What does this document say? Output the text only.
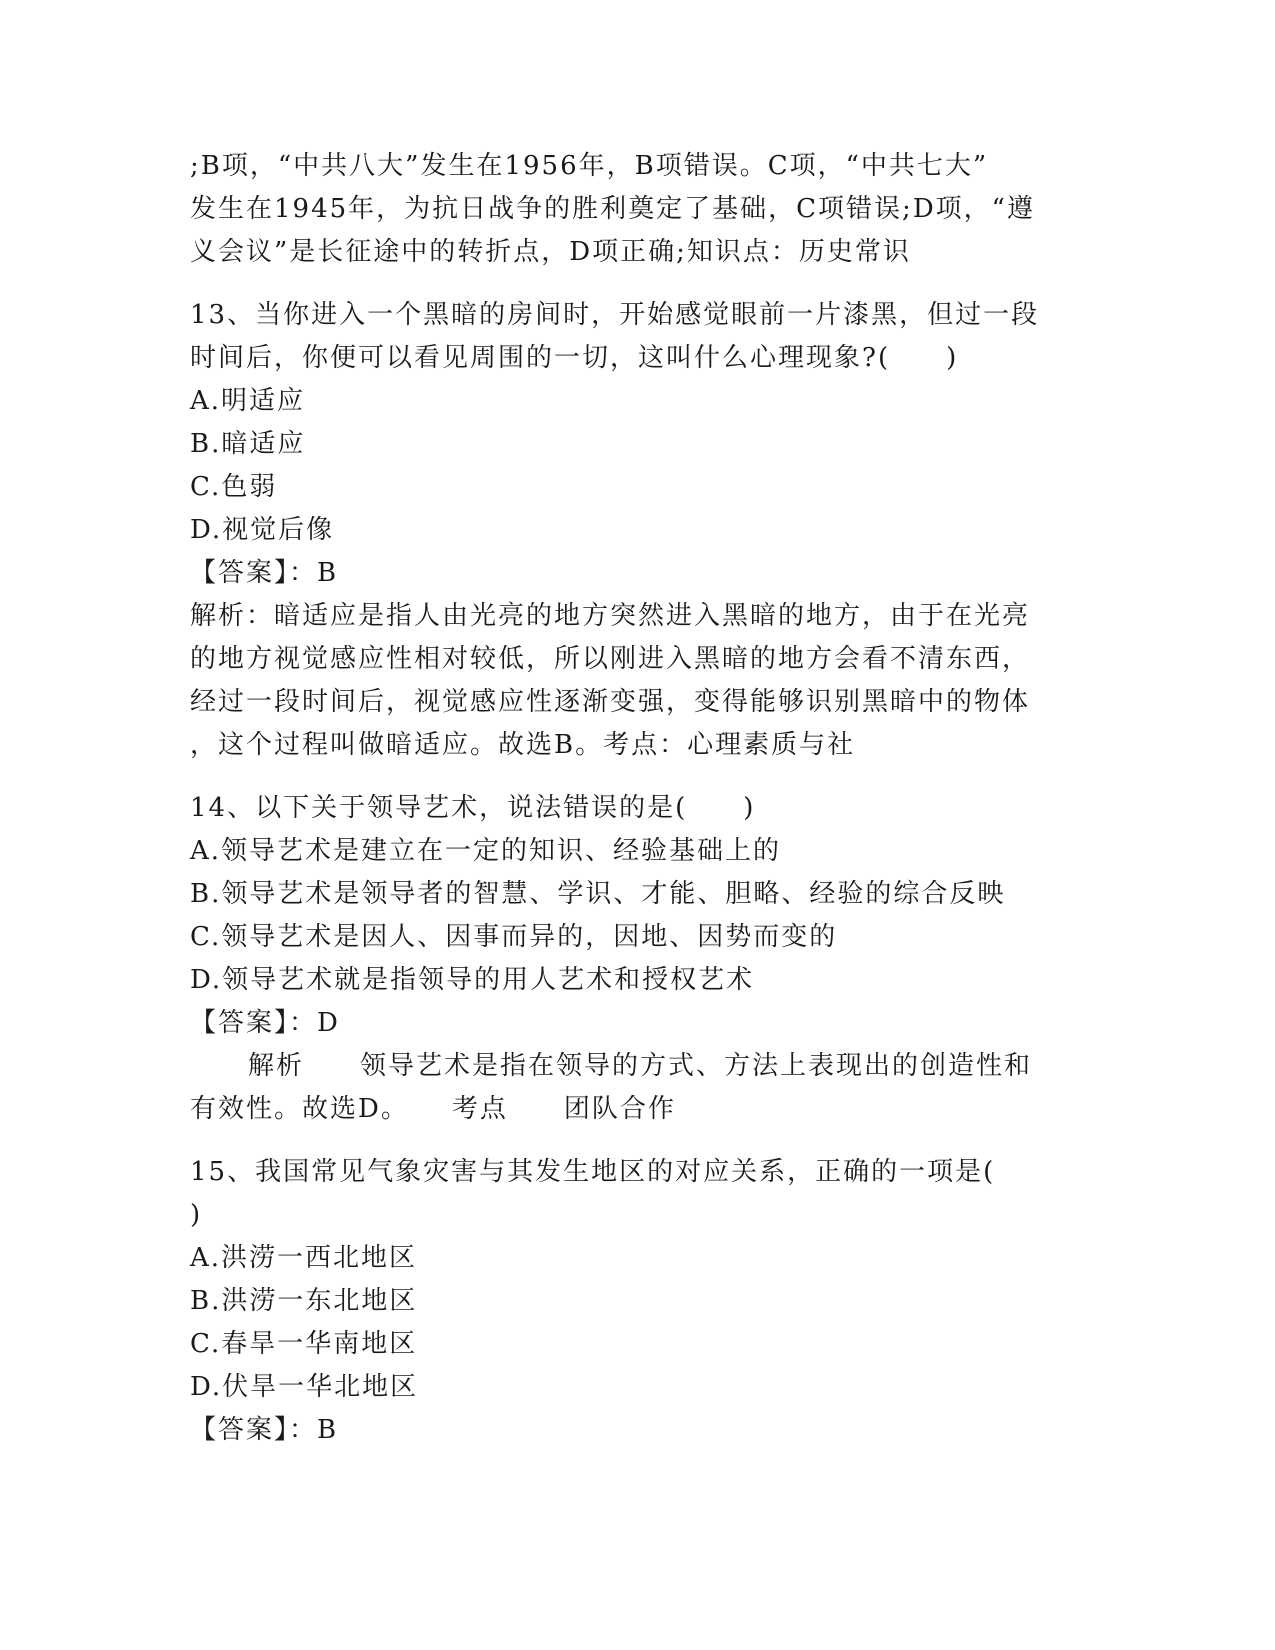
;B项，“中共八大”发生在1956年，B项错误。C项，“中共七大”
发生在1945年，为抗日战争的胜利奠定了基础，C项错误;D项，“遵
义会议”是长征途中的转折点，D项正确;知识点：历史常识
13、当你进入一个黑暗的房间时，开始感觉眼前一片漆黑，但过一段
时间后，你便可以看见周围的一切，这叫什么心理现象?(　　)
A.明适应
B.暗适应
C.色弱
D.视觉后像
【答案】：B
解析：暗适应是指人由光亮的地方突然进入黑暗的地方，由于在光亮
的地方视觉感应性相对较低，所以刚进入黑暗的地方会看不清东西，
经过一段时间后，视觉感应性逐渐变强，变得能够识别黑暗中的物体
，这个过程叫做暗适应。故选B。考点：心理素质与社
14、以下关于领导艺术，说法错误的是(　　)
A.领导艺术是建立在一定的知识、经验基础上的
B.领导艺术是领导者的智慧、学识、才能、胆略、经验的综合反映
C.领导艺术是因人、因事而异的，因地、因势而变的
D.领导艺术就是指领导的用人艺术和授权艺术
【答案】：D
解析　　领导艺术是指在领导的方式、方法上表现出的创造性和
有效性。故选D。　　考点　　团队合作
15、我国常见气象灾害与其发生地区的对应关系，正确的一项是(
)
A.洪涝一西北地区
B.洪涝一东北地区
C.春旱一华南地区
D.伏旱一华北地区
【答案】：B
